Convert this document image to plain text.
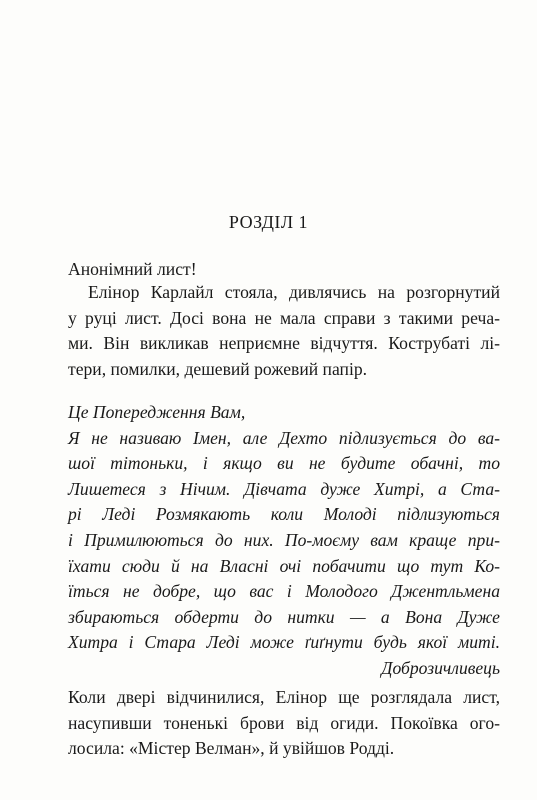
РОЗДІЛ 1
Анонімний лист!
Елінор Карлайл стояла, дивлячись на розгорнутий
у руці лист. Досі вона не мала справи з такими реча-
ми. Він викликав неприємне відчуття. Кострубаті лі-
тери, помилки, дешевий рожевий папір.
Це Попередження Вам,
Я не називаю Імен, але Дехто підлизується до ва-
шої тітоньки, і якщо ви не будите обачні, то
Лишетеся з Нічим. Дівчата дуже Хитрі, а Ста-
рі Леді Розмякають коли Молоді підлизуються
і Примилюються до них. По-моєму вам краще при-
їхати сюди й на Власні очі побачити що тут Ко-
їться не добре, що вас і Молодого Джентльмена
збираються обдерти до нитки — а Вона Дуже
Хитра і Стара Леді може ґиґнути будь якої миті.
Доброзичливець
Коли двері відчинилися, Елінор ще розглядала лист,
насупивши тоненькі брови від огиди. Покоївка ого-
лосила: «Містер Велман», й увійшов Родді.
